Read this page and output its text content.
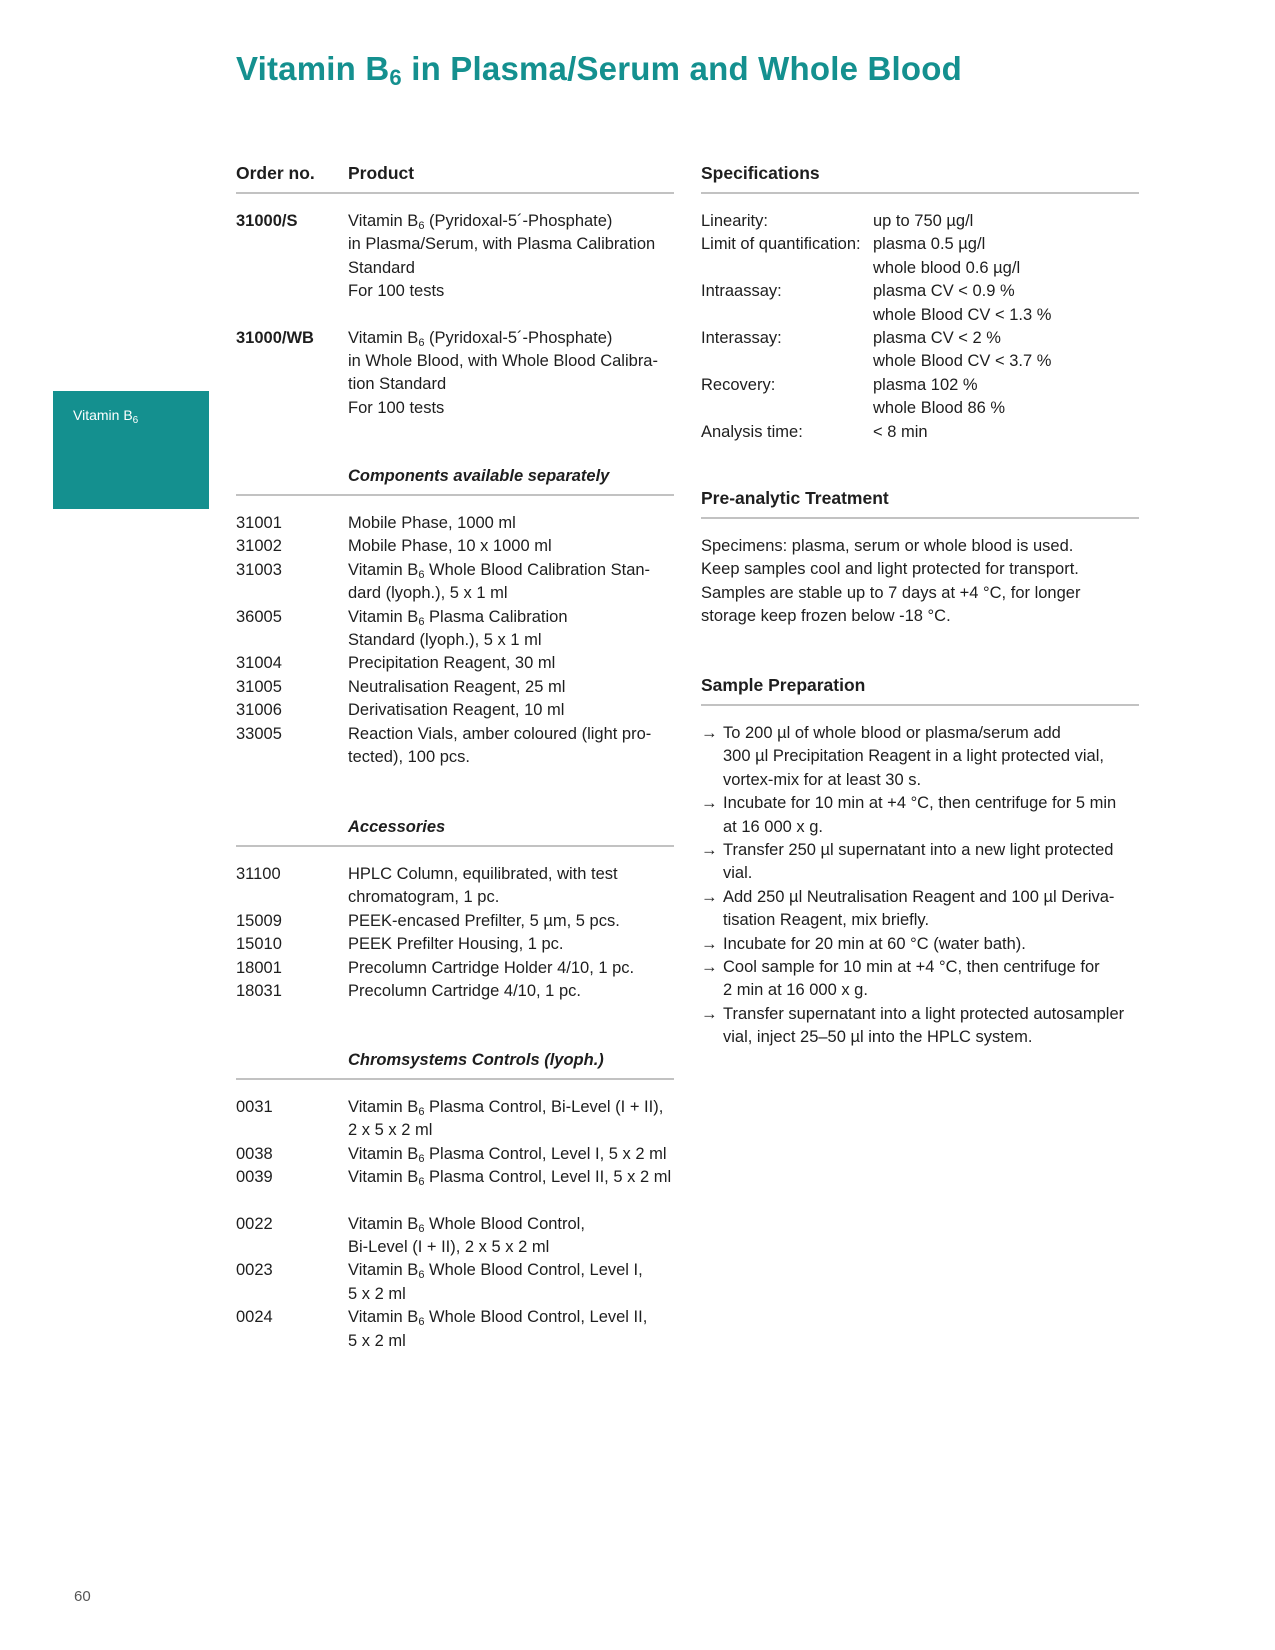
Vitamin $B_6$ in Plasma/Serum and Whole Blood
Vitamin $B_6$
60
Order no.	Product
31000/S	Vitamin $B_6$ (Pyridoxal-5´-Phosphate)
in Plasma/Serum, with Plasma Calibration
Standard
For 100 tests
31000/WB	Vitamin $B_6$ (Pyridoxal-5´-Phosphate)
in Whole Blood, with Whole Blood Calibra-
tion Standard
For 100 tests
Components available separately
31001	Mobile Phase, 1000 ml
31002	Mobile Phase, 10 x 1000 ml
31003	Vitamin $B_6$ Whole Blood Calibration Stan-
dard (lyoph.), 5 x 1 ml
36005	Vitamin $B_6$ Plasma Calibration
Standard (lyoph.), 5 x 1 ml
31004	Precipitation Reagent, 30 ml
31005	Neutralisation Reagent, 25 ml
31006	Derivatisation Reagent, 10 ml
33005	Reaction Vials, amber coloured (light pro-
tected), 100 pcs.
Accessories
31100	HPLC Column, equilibrated, with test
chromatogram, 1 pc.
15009	PEEK-encased Prefilter, 5 µm, 5 pcs.
15010	PEEK Prefilter Housing, 1 pc.
18001	Precolumn Cartridge Holder 4/10, 1 pc.
18031	Precolumn Cartridge 4/10, 1 pc.
Chromsystems Controls (lyoph.)
0031	Vitamin $B_6$ Plasma Control, Bi-Level (I + II),
2 x 5 x 2 ml
0038	Vitamin $B_6$ Plasma Control, Level I, 5 x 2 ml
0039	Vitamin $B_6$ Plasma Control, Level II, 5 x 2 ml
0022	Vitamin $B_6$ Whole Blood Control,
Bi-Level (I + II), 2 x 5 x 2 ml
0023	Vitamin $B_6$ Whole Blood Control, Level I,
5 x 2 ml
0024	Vitamin $B_6$ Whole Blood Control, Level II,
5 x 2 ml
Specifications
Linearity:	up to 750 µg/l
Limit of quantification: plasma 0.5 µg/l
whole blood 0.6 µg/l
Intraassay:	plasma CV < 0.9 %
whole Blood CV < 1.3 %
Interassay:	plasma CV < 2 %
whole Blood CV < 3.7 %
Recovery:	plasma 102 %
whole Blood 86 %
Analysis time:	< 8 min
Pre-analytic Treatment
Specimens: plasma, serum or whole blood is used.
Keep samples cool and light protected for transport.
Samples are stable up to 7 days at +4 °C, for longer
storage keep frozen below -18 °C.
Sample Preparation
→ To 200 µl of whole blood or plasma/serum add
300 µl Precipitation Reagent in a light protected vial,
vortex-mix for at least 30 s.
→ Incubate for 10 min at +4 °C, then centrifuge for 5 min
at 16 000 x g.
→ Transfer 250 µl supernatant into a new light protected
vial.
→ Add 250 µl Neutralisation Reagent and 100 µl Deriva-
tisation Reagent, mix briefly.
→ Incubate for 20 min at 60 °C (water bath).
→ Cool sample for 10 min at +4 °C, then centrifuge for
2 min at 16 000 x g.
→ Transfer supernatant into a light protected autosampler
vial, inject 25–50 µl into the HPLC system.
